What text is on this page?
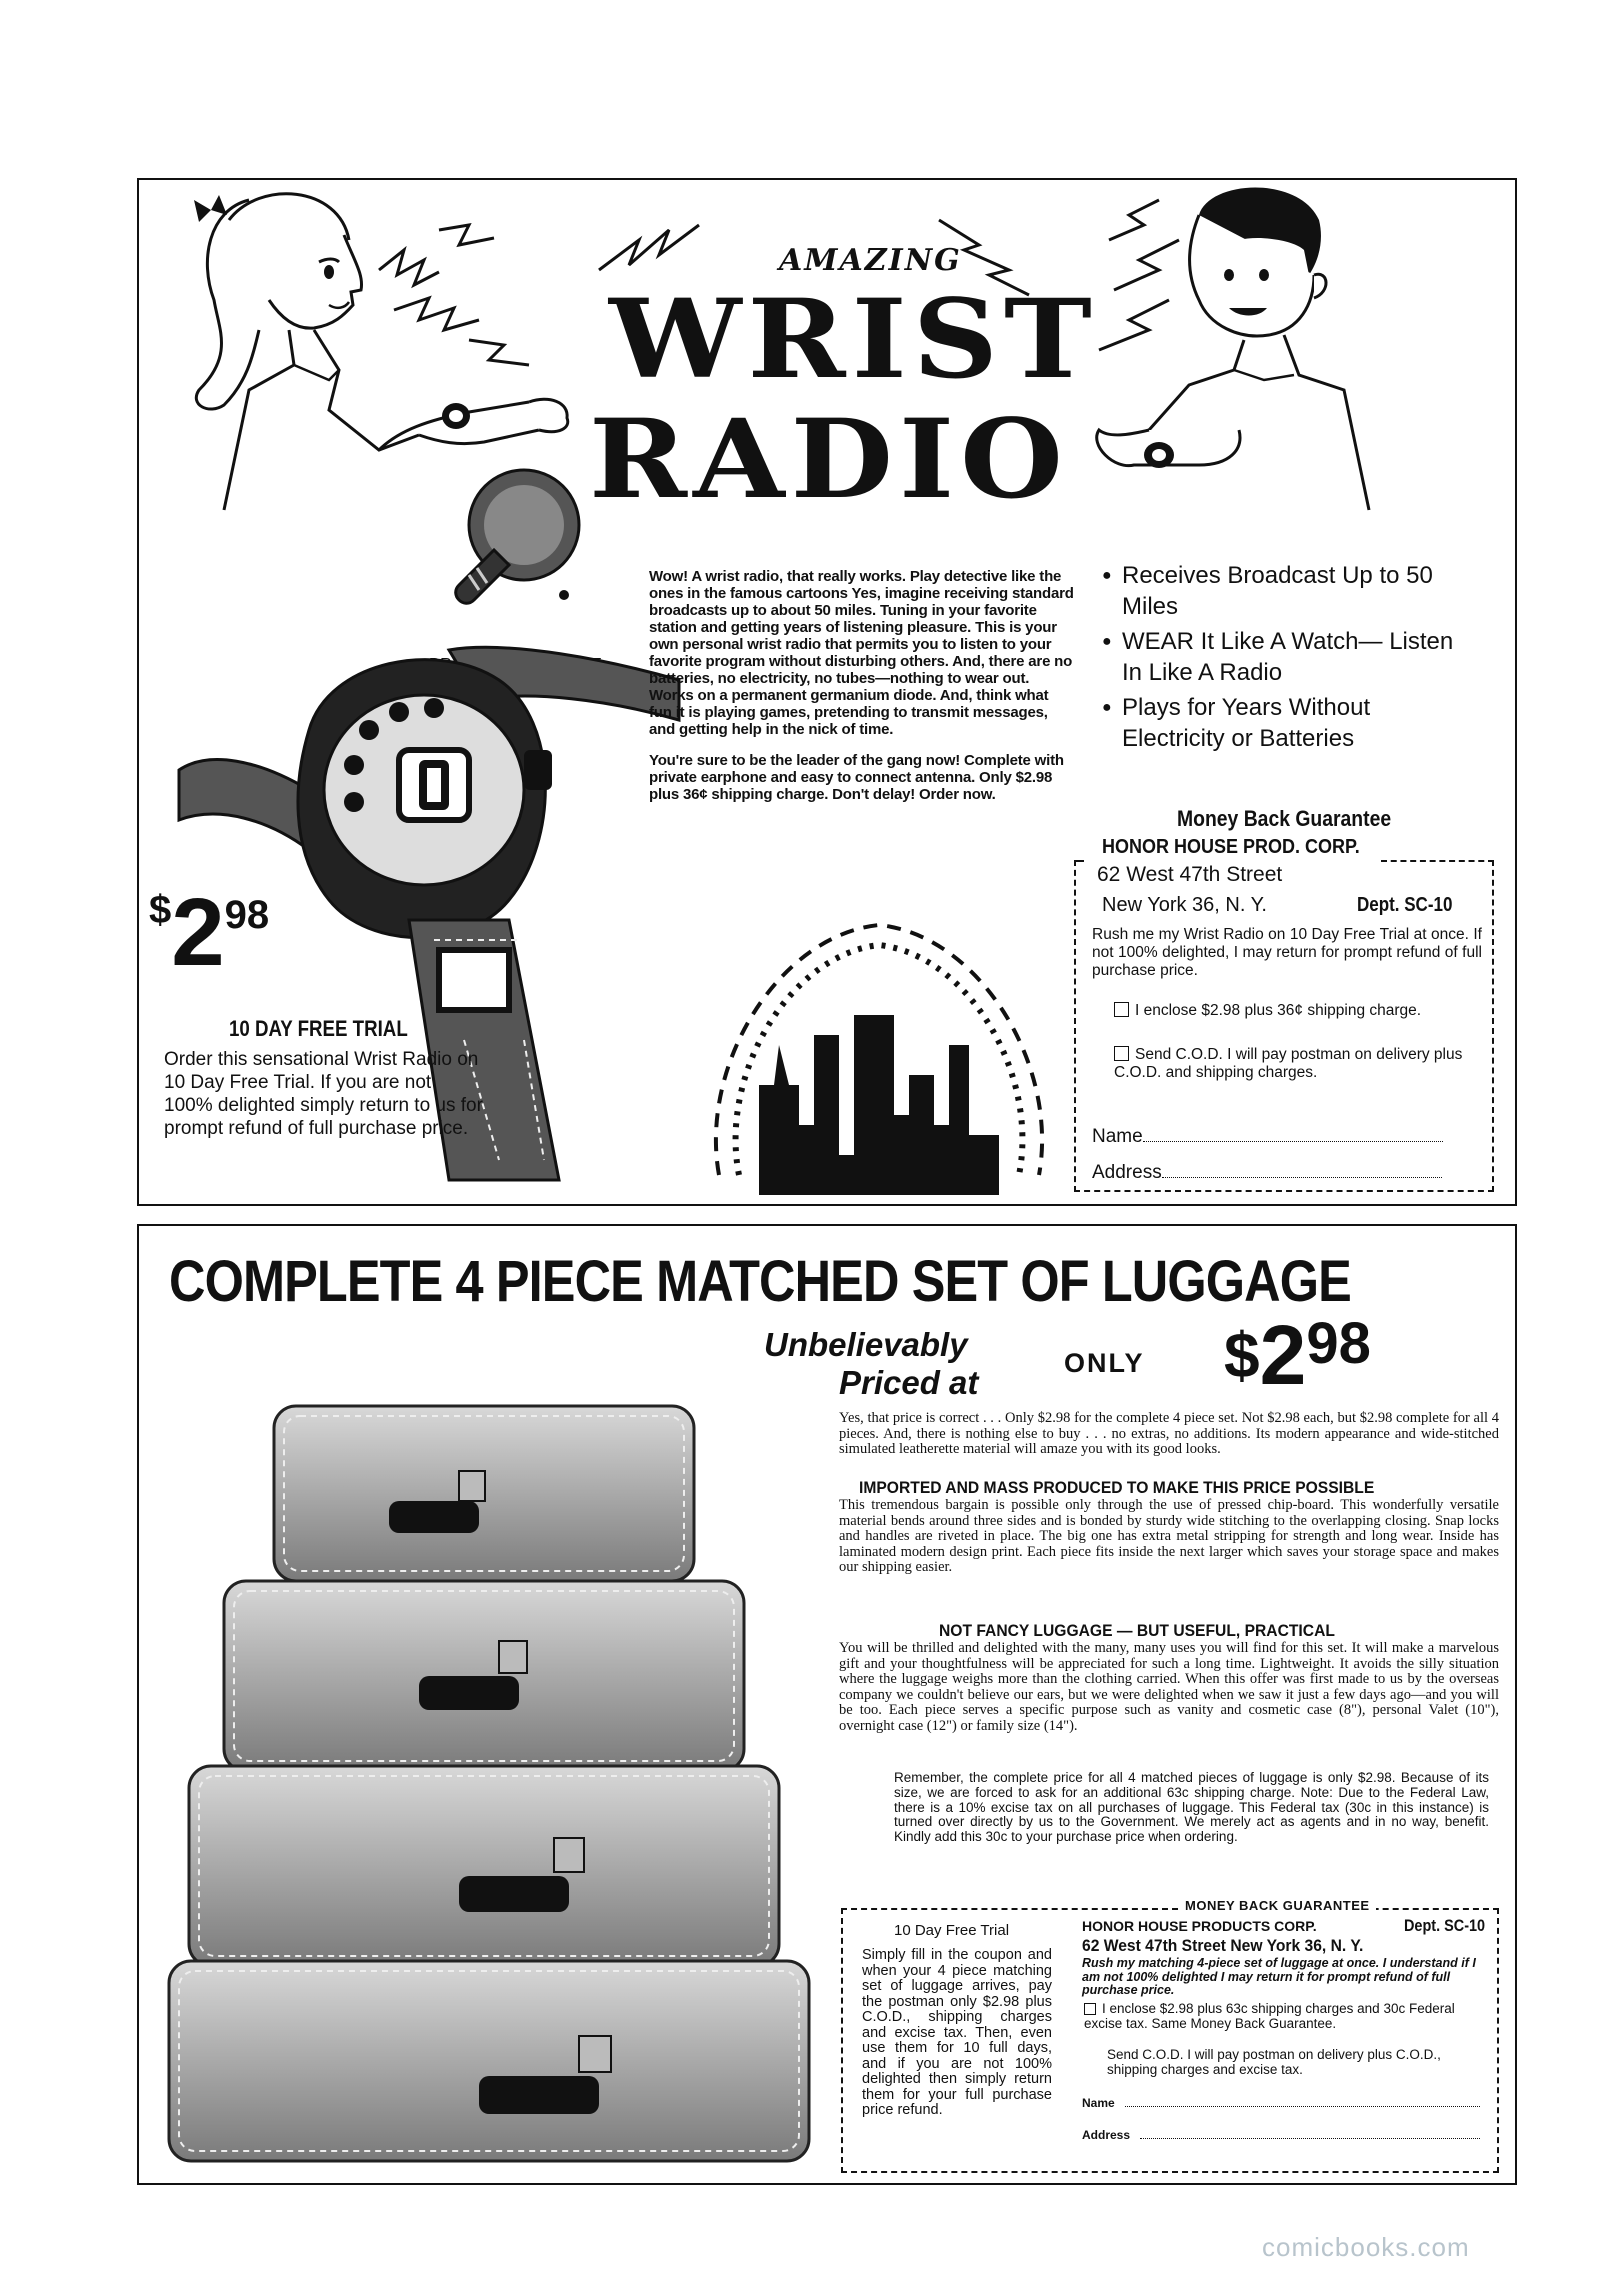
AMAZING
WRIST
RADIO
$298
10 DAY FREE TRIAL
Order this sensational Wrist Radio on 10 Day Free Trial. If you are not 100% delighted simply return to us for prompt refund of full purchase price.

Wow! A wrist radio, that really works. Play detective like the ones in the famous cartoons Yes, imagine receiving standard broadcasts up to about 50 miles. Tuning in your favorite station and getting years of listening pleasure. This is your own personal wrist radio that permits you to listen to your favorite program without disturbing others. And, there are no batteries, no electricity, no tubes—nothing to wear out. Works on a permanent germanium diode. And, think what fun it is playing games, pretending to transmit messages, and getting help in the nick of time.

You're sure to be the leader of the gang now! Complete with private earphone and easy to connect antenna. Only $2.98 plus 36¢ shipping charge. Don't delay! Order now.

● Receives Broadcast Up to 50 Miles
● WEAR It Like A Watch— Listen In Like A Radio
● Plays for Years Without Electricity or Batteries
Money Back Guarantee
HONOR HOUSE PROD. CORP.
62 West 47th Street
New York 36, N. Y.	Dept. SC-10
Rush me my Wrist Radio on 10 Day Free Trial at once. If not 100% delighted, I may return for prompt refund of full purchase price.
I enclose $2.98 plus 36¢ shipping charge.
Send C.O.D. I will pay postman on delivery plus C.O.D. and shipping charges.
Name
Address
COMPLETE 4 PIECE MATCHED SET OF LUGGAGE
Unbelievably
Priced at
ONLY $298
Yes, that price is correct . . . Only $2.98 for the complete 4 piece set. Not $2.98 each, but $2.98 complete for all 4 pieces. And, there is nothing else to buy . . . no extras, no additions. Its modern appearance and wide-stitched simulated leatherette material will amaze you with its good looks.
IMPORTED AND MASS PRODUCED TO MAKE THIS PRICE POSSIBLE
This tremendous bargain is possible only through the use of pressed chip-board. This wonderfully versatile material bends around three sides and is bonded by sturdy wide stitching to the overlapping closing. Snap locks and handles are riveted in place. The big one has extra metal stripping for strength and long wear. Inside has laminated modern design print. Each piece fits inside the next larger which saves your storage space and makes our shipping easier.
NOT FANCY LUGGAGE — BUT USEFUL, PRACTICAL
You will be thrilled and delighted with the many, many uses you will find for this set. It will make a marvelous gift and your thoughtfulness will be appreciated for such a long time. Lightweight. It avoids the silly situation where the luggage weighs more than the clothing carried. When this offer was first made to us by the overseas company we couldn't believe our ears, but we were delighted when we saw it just a few days ago—and you will be too. Each piece serves a specific purpose such as vanity and cosmetic case (8"), personal Valet (10"), overnight case (12") or family size (14").
Remember, the complete price for all 4 matched pieces of luggage is only $2.98. Because of its size, we are forced to ask for an additional 63c shipping charge. Note: Due to the Federal Law, there is a 10% excise tax on all purchases of luggage. This Federal tax (30c in this instance) is turned over directly by us to the Government. We merely act as agents and in no way, benefit. Kindly add this 30c to your purchase price when ordering.
MONEY BACK GUARANTEE
10 Day Free Trial
Simply fill in the coupon and when your 4 piece matching set of luggage arrives, pay the postman only $2.98 plus C.O.D., shipping charges and excise tax. Then, even use them for 10 full days, and if you are not 100% delighted then simply return them for your full purchase price refund.
HONOR HOUSE PRODUCTS CORP.	Dept. SC-10
62 West 47th Street New York 36, N. Y.
Rush my matching 4-piece set of luggage at once. I understand if I am not 100% delighted I may return it for prompt refund of full purchase price.
I enclose $2.98 plus 63c shipping charges and 30c Federal excise tax. Same Money Back Guarantee.
Send C.O.D. I will pay postman on delivery plus C.O.D., shipping charges and excise tax.
Name
Address
comicbooks.com
